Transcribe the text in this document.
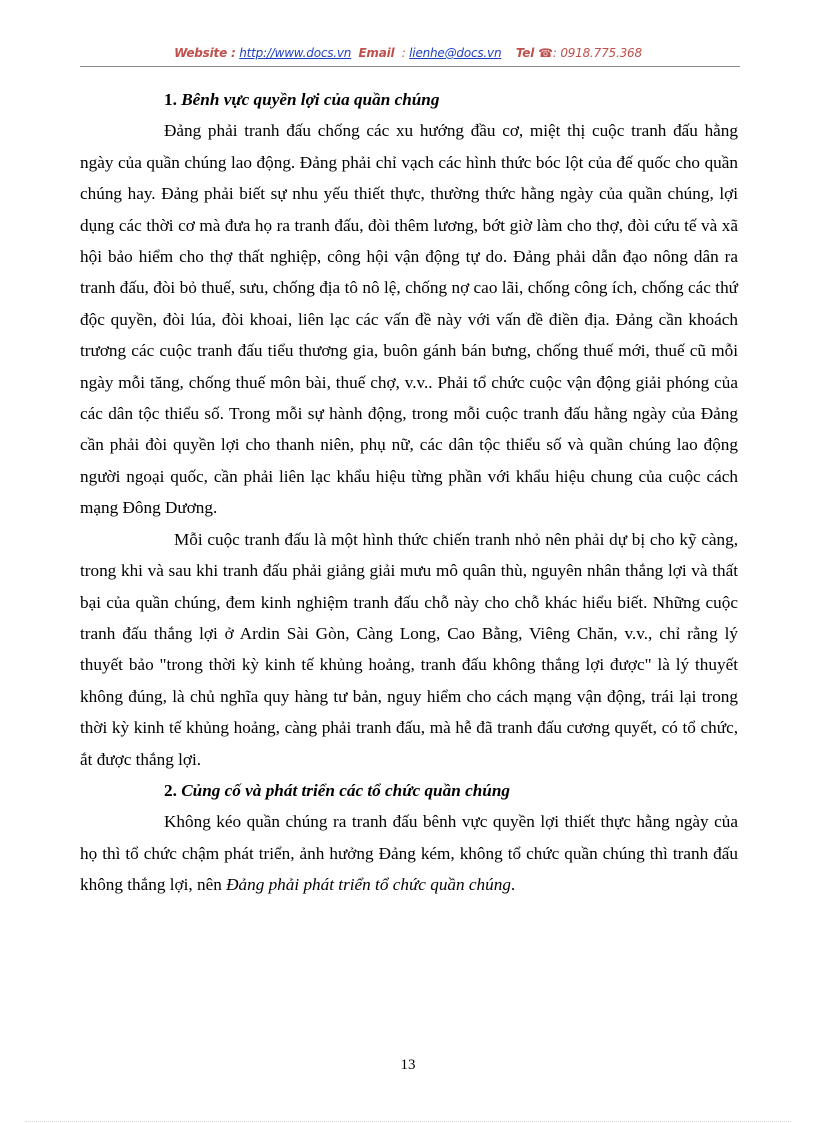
Website : http://www.docs.vn Email : lienhe@docs.vn Tel ☎: 0918.775.368

1. Bênh vực quyền lợi của quần chúng

Đảng phải tranh đấu chống các xu hướng đầu cơ, miệt thị cuộc tranh đấu hằng ngày của quần chúng lao động. Đảng phải chỉ vạch các hình thức bóc lột của đế quốc cho quần chúng hay. Đảng phải biết sự nhu yếu thiết thực, thường thức hằng ngày của quần chúng, lợi dụng các thời cơ mà đưa họ ra tranh đấu, đòi thêm lương, bớt giờ làm cho thợ, đòi cứu tế và xã hội bảo hiểm cho thợ thất nghiệp, công hội vận động tự do. Đảng phải dẫn đạo nông dân ra tranh đấu, đòi bỏ thuế, sưu, chống địa tô nô lệ, chống nợ cao lãi, chống công ích, chống các thứ độc quyền, đòi lúa, đòi khoai, liên lạc các vấn đề này với vấn đề điền địa. Đảng cần khoách trương các cuộc tranh đấu tiểu thương gia, buôn gánh bán bưng, chống thuế mới, thuế cũ mỗi ngày mỗi tăng, chống thuế môn bài, thuế chợ, v.v.. Phải tổ chức cuộc vận động giải phóng của các dân tộc thiểu số. Trong mỗi sự hành động, trong mỗi cuộc tranh đấu hằng ngày của Đảng cần phải đòi quyền lợi cho thanh niên, phụ nữ, các dân tộc thiểu số và quần chúng lao động người ngoại quốc, cần phải liên lạc khẩu hiệu từng phần với khẩu hiệu chung của cuộc cách mạng Đông Dương.

Mỗi cuộc tranh đấu là một hình thức chiến tranh nhỏ nên phải dự bị cho kỹ càng, trong khi và sau khi tranh đấu phải giảng giải mưu mô quân thù, nguyên nhân thắng lợi và thất bại của quần chúng, đem kinh nghiệm tranh đấu chỗ này cho chỗ khác hiểu biết. Những cuộc tranh đấu thắng lợi ở Ardin Sài Gòn, Càng Long, Cao Bằng, Viêng Chăn, v.v., chỉ rằng lý thuyết bảo "trong thời kỳ kinh tế khủng hoảng, tranh đấu không thắng lợi được" là lý thuyết không đúng, là chủ nghĩa quy hàng tư bản, nguy hiểm cho cách mạng vận động, trái lại trong thời kỳ kinh tế khủng hoảng, càng phải tranh đấu, mà hễ đã tranh đấu cương quyết, có tổ chức, ắt được thắng lợi.

2. Củng cố và phát triển các tổ chức quần chúng

Không kéo quần chúng ra tranh đấu bênh vực quyền lợi thiết thực hằng ngày của họ thì tổ chức chậm phát triển, ảnh hưởng Đảng kém, không tổ chức quần chúng thì tranh đấu không thắng lợi, nên Đảng phải phát triển tổ chức quần chúng.

13
